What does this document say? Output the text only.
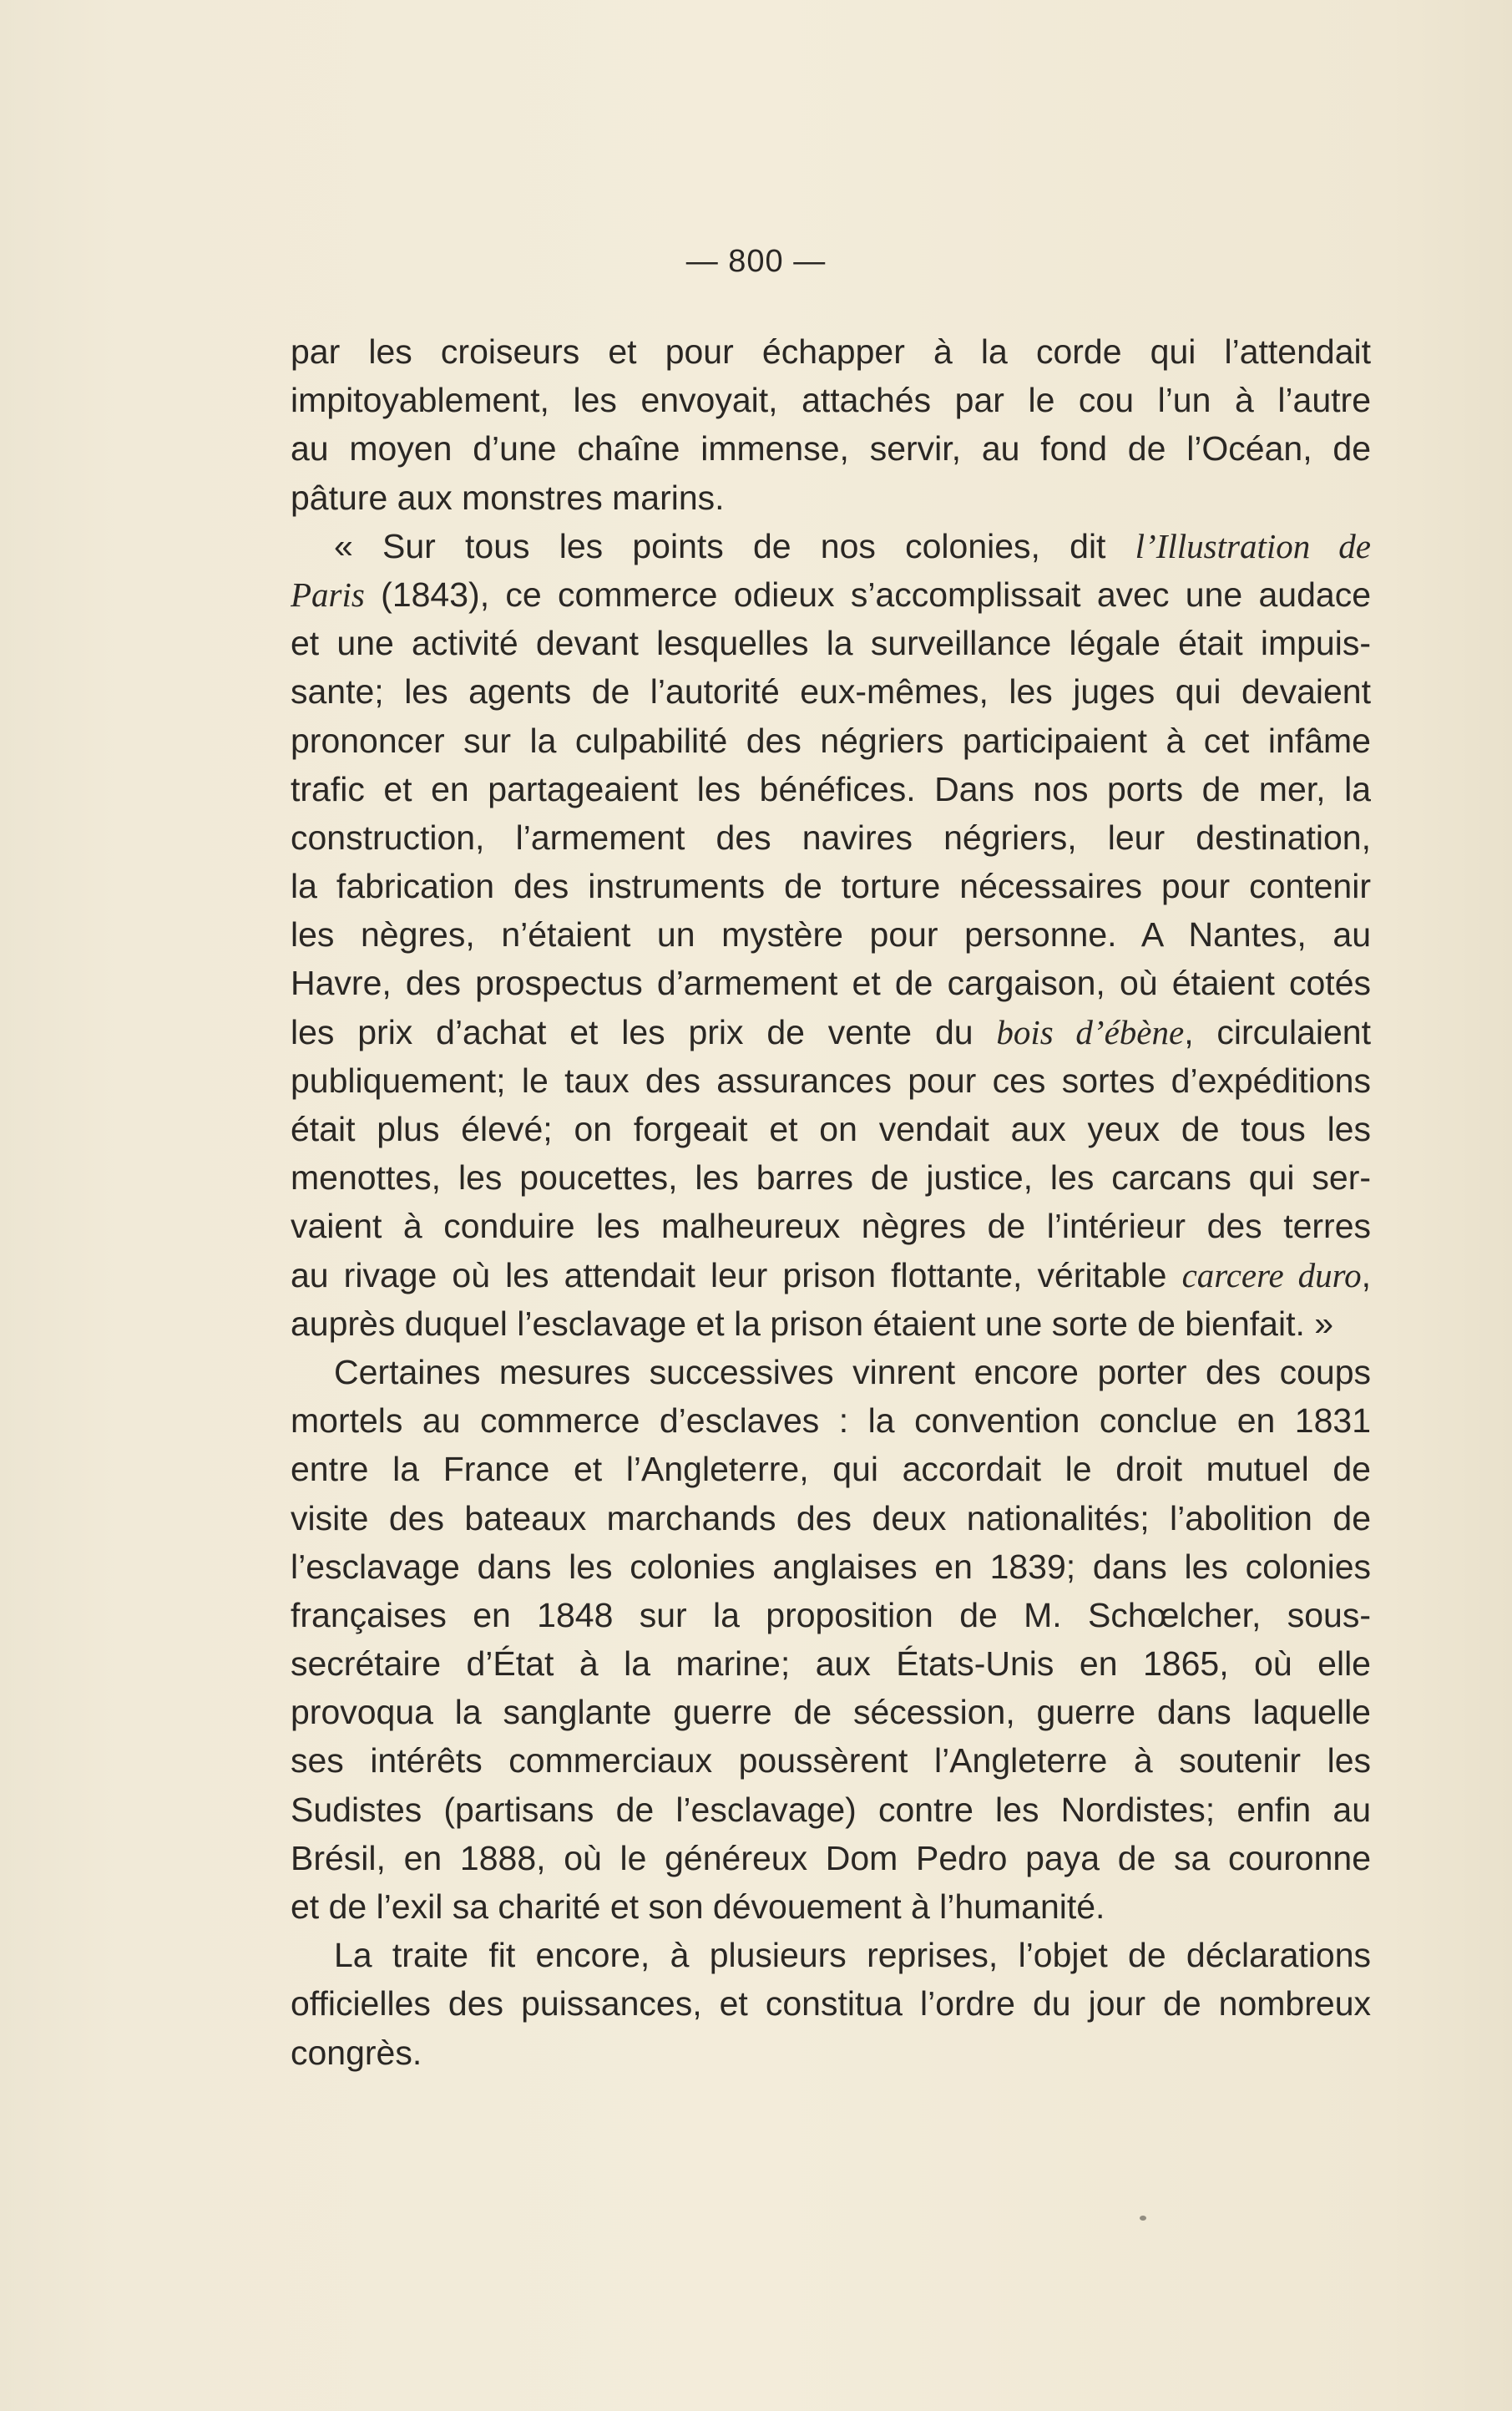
— 800 —
par les croiseurs et pour échapper à la corde qui l’attendait
impitoyablement, les envoyait, attachés par le cou l’un à l’autre
au moyen d’une chaîne immense, servir, au fond de l’Océan, de
pâture aux monstres marins.
« Sur tous les points de nos colonies, dit l’Illustration de
Paris (1843), ce commerce odieux s’accomplissait avec une audace
et une activité devant lesquelles la surveillance légale était impuis-
sante; les agents de l’autorité eux-mêmes, les juges qui devaient
prononcer sur la culpabilité des négriers participaient à cet infâme
trafic et en partageaient les bénéfices. Dans nos ports de mer, la
construction, l’armement des navires négriers, leur destination,
la fabrication des instruments de torture nécessaires pour contenir
les nègres, n’étaient un mystère pour personne. A Nantes, au
Havre, des prospectus d’armement et de cargaison, où étaient cotés
les prix d’achat et les prix de vente du bois d’ébène, circulaient
publiquement; le taux des assurances pour ces sortes d’expéditions
était plus élevé; on forgeait et on vendait aux yeux de tous les
menottes, les poucettes, les barres de justice, les carcans qui ser-
vaient à conduire les malheureux nègres de l’intérieur des terres
au rivage où les attendait leur prison flottante, véritable carcere duro,
auprès duquel l’esclavage et la prison étaient une sorte de bienfait. »
Certaines mesures successives vinrent encore porter des coups
mortels au commerce d’esclaves : la convention conclue en 1831
entre la France et l’Angleterre, qui accordait le droit mutuel de
visite des bateaux marchands des deux nationalités; l’abolition de
l’esclavage dans les colonies anglaises en 1839; dans les colonies
françaises en 1848 sur la proposition de M. Schœlcher, sous-
secrétaire d’État à la marine; aux États-Unis en 1865, où elle
provoqua la sanglante guerre de sécession, guerre dans laquelle
ses intérêts commerciaux poussèrent l’Angleterre à soutenir les
Sudistes (partisans de l’esclavage) contre les Nordistes; enfin au
Brésil, en 1888, où le généreux Dom Pedro paya de sa couronne
et de l’exil sa charité et son dévouement à l’humanité.
La traite fit encore, à plusieurs reprises, l’objet de déclarations
officielles des puissances, et constitua l’ordre du jour de nombreux
congrès.
